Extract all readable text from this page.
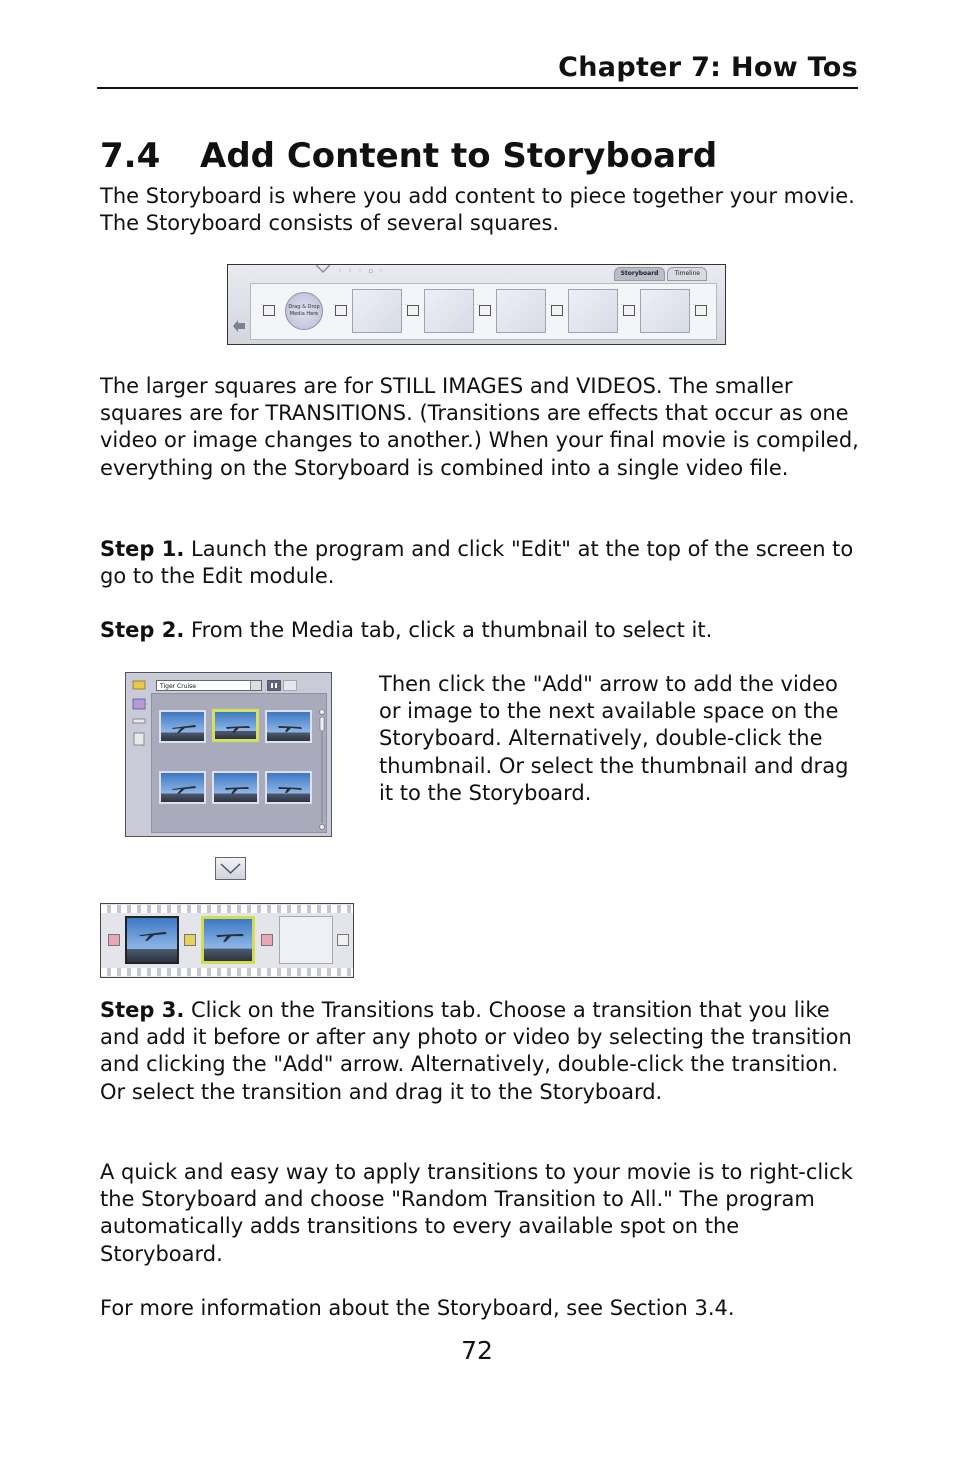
Chapter 7: How Tos
7.4 Add Content to Storyboard
The Storyboard is where you add content to piece together your movie. The Storyboard consists of several squares.
◦◦◦▫◦	Storyboard	Timeline
Drag & Drop
Media Here
The larger squares are for STILL IMAGES and VIDEOS. The smaller squares are for TRANSITIONS. (Transitions are effects that occur as one video or image changes to another.) When your final movie is compiled, everything on the Storyboard is combined into a single video file.
Step 1. Launch the program and click "Edit" at the top of the screen to go to the Edit module.
Step 2. From the Media tab, click a thumbnail to select it.
Tiger Cruise	Then click the "Add" arrow to add the video or image to the next available space on the Storyboard. Alternatively, double-click the thumbnail. Or select the thumbnail and drag it to the Storyboard.
Step 3. Click on the Transitions tab. Choose a transition that you like and add it before or after any photo or video by selecting the transition and clicking the "Add" arrow. Alternatively, double-click the transition. Or select the transition and drag it to the Storyboard.
A quick and easy way to apply transitions to your movie is to right-click the Storyboard and choose "Random Transition to All." The program automatically adds transitions to every available spot on the Storyboard.
For more information about the Storyboard, see Section 3.4.
72
